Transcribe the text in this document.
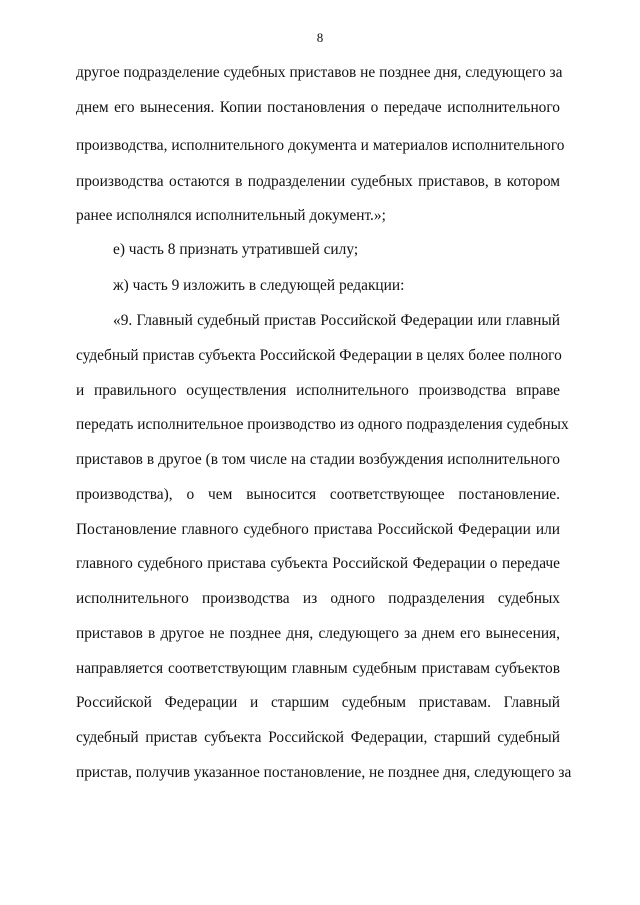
8
другое подразделение судебных приставов не позднее дня, следующего за
днем его вынесения. Копии постановления о передаче исполнительного
производства, исполнительного документа и материалов исполнительного
производства остаются в подразделении судебных приставов, в котором
ранее исполнялся исполнительный документ.»;
е) часть 8 признать утратившей силу;
ж) часть 9 изложить в следующей редакции:
«9. Главный судебный пристав Российской Федерации или главный
судебный пристав субъекта Российской Федерации в целях более полного
и правильного осуществления исполнительного производства вправе
передать исполнительное производство из одного подразделения судебных
приставов в другое (в том числе на стадии возбуждения исполнительного
производства), о чем выносится соответствующее постановление.
Постановление главного судебного пристава Российской Федерации или
главного судебного пристава субъекта Российской Федерации о передаче
исполнительного производства из одного подразделения судебных
приставов в другое не позднее дня, следующего за днем его вынесения,
направляется соответствующим главным судебным приставам субъектов
Российской Федерации и старшим судебным приставам. Главный
судебный пристав субъекта Российской Федерации, старший судебный
пристав, получив указанное постановление, не позднее дня, следующего за
